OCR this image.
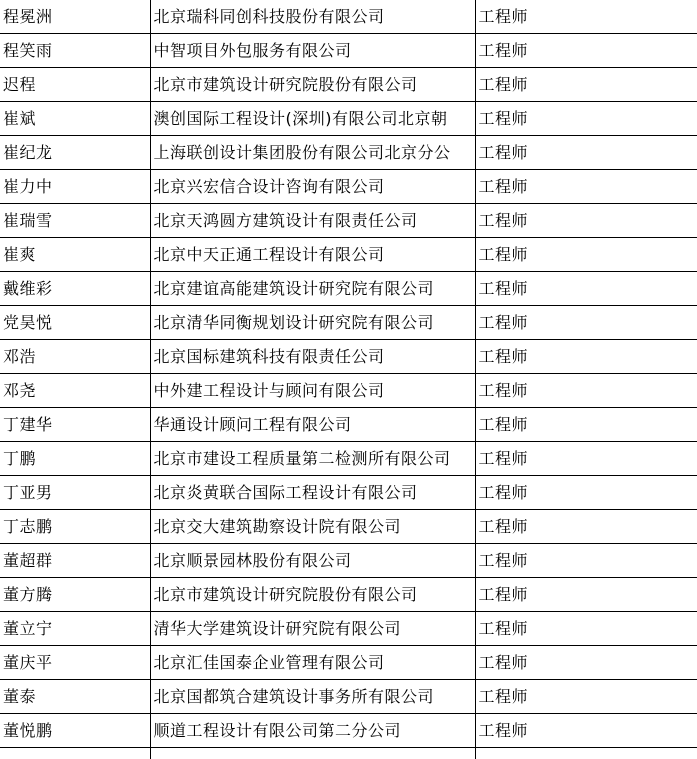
程冕洲	北京瑞科同创科技股份有限公司	工程师
程笑雨	中智项目外包服务有限公司	工程师
迟程	北京市建筑设计研究院股份有限公司	工程师
崔斌	澳创国际工程设计(深圳)有限公司北京朝	工程师
崔纪龙	上海联创设计集团股份有限公司北京分公	工程师
崔力中	北京兴宏信合设计咨询有限公司	工程师
崔瑞雪	北京天鸿圆方建筑设计有限责任公司	工程师
崔爽	北京中天正通工程设计有限公司	工程师
戴维彩	北京建谊高能建筑设计研究院有限公司	工程师
党昊悦	北京清华同衡规划设计研究院有限公司	工程师
邓浩	北京国标建筑科技有限责任公司	工程师
邓尧	中外建工程设计与顾问有限公司	工程师
丁建华	华通设计顾问工程有限公司	工程师
丁鹏	北京市建设工程质量第二检测所有限公司	工程师
丁亚男	北京炎黄联合国际工程设计有限公司	工程师
丁志鹏	北京交大建筑勘察设计院有限公司	工程师
董超群	北京顺景园林股份有限公司	工程师
董方腾	北京市建筑设计研究院股份有限公司	工程师
董立宁	清华大学建筑设计研究院有限公司	工程师
董庆平	北京汇佳国泰企业管理有限公司	工程师
董泰	北京国都筑合建筑设计事务所有限公司	工程师
董悦鹏	顺道工程设计有限公司第二分公司	工程师
